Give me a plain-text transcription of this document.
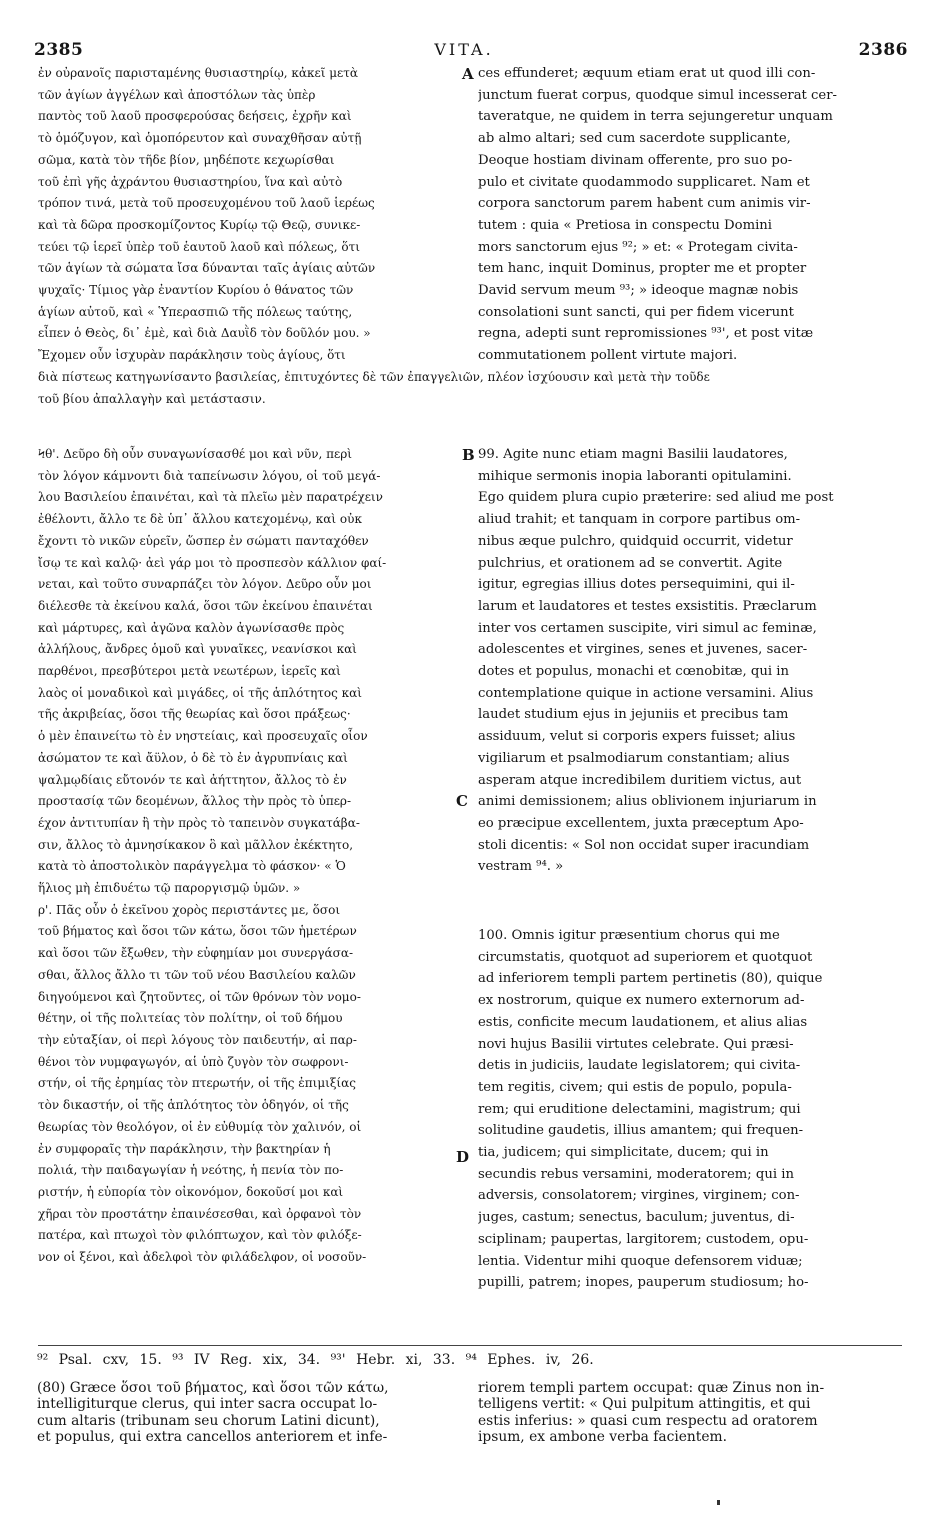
2385	VITA.	2386
ἐν οὐρανοῖς παρισταμένης θυσιαστηρίῳ, κἀκεῖ μετὰ
τῶν ἁγίων ἀγγέλων καὶ ἀποστόλων τὰς ὑπὲρ
παντὸς τοῦ λαοῦ προσφερούσας δεήσεις, ἐχρῆν καὶ
τὸ ὁμόζυγον, καὶ ὁμοπόρευτον καὶ συναχθῆσαν αὐτῇ
σῶμα, κατὰ τὸν τῆδε βίον, μηδέποτε κεχωρίσθαι
τοῦ ἐπὶ γῆς ἀχράντου θυσιαστηρίου, ἵνα καὶ αὐτὸ
τρόπον τινά, μετὰ τοῦ προσευχομένου τοῦ λαοῦ ἱερέως
καὶ τὰ δῶρα προσκομίζοντος Κυρίῳ τῷ Θεῷ, συνικε-
τεύει τῷ ἱερεῖ ὑπὲρ τοῦ ἑαυτοῦ λαοῦ καὶ πόλεως, ὅτι
τῶν ἁγίων τὰ σώματα ἴσα δύνανται ταῖς ἁγίαις αὐτῶν
ψυχαῖς· Τίμιος γὰρ ἐναντίον Κυρίου ὁ θάνατος τῶν
ἁγίων αὐτοῦ, καὶ « Ὑπερασπιῶ τῆς πόλεως ταύτης,
εἶπεν ὁ Θεὸς, δι᾽ ἐμὲ, καὶ διὰ Δαυῒδ τὸν δοῦλόν μου. »
Ἔχομεν οὖν ἰσχυρὰν παράκλησιν τοὺς ἁγίους, ὅτι
διὰ πίστεως κατηγωνίσαντο βασιλείας, ἐπιτυχόντες δὲ τῶν ἐπαγγελιῶν, πλέον ἰσχύουσιν καὶ μετὰ τὴν τοῦδε
τοῦ βίου ἀπαλλαγὴν καὶ μετάστασιν.
Ϟθ'. Δεῦρο δὴ οὖν συναγωνίσασθέ μοι καὶ νῦν, περὶ
τὸν λόγον κάμνοντι διὰ ταπείνωσιν λόγου, οἱ τοῦ μεγά-
λου Βασιλείου ἐπαινέται, καὶ τὰ πλεῖω μὲν παρατρέχειν
ἐθέλοντι, ἄλλο τε δὲ ὑπ᾽ ἄλλου κατεχομένῳ, καὶ οὐκ
ἔχοντι τὸ νικῶν εὑρεῖν, ὥσπερ ἐν σώματι πανταχόθεν
ἴσῳ τε καὶ καλῷ· ἀεὶ γάρ μοι τὸ προσπεσὸν κάλλιον φαί-
νεται, καὶ τοῦτο συναρπάζει τὸν λόγον. Δεῦρο οὖν μοι
διέλεσθε τὰ ἐκείνου καλά, ὅσοι τῶν ἐκείνου ἐπαινέται
καὶ μάρτυρες, καὶ ἀγῶνα καλὸν ἀγωνίσασθε πρὸς
ἀλλήλους, ἄνδρες ὁμοῦ καὶ γυναῖκες, νεανίσκοι καὶ
παρθένοι, πρεσβύτεροι μετὰ νεωτέρων, ἱερεῖς καὶ
λαὸς οἱ μοναδικοὶ καὶ μιγάδες, οἱ τῆς ἁπλότητος καὶ
τῆς ἀκριβείας, ὅσοι τῆς θεωρίας καὶ ὅσοι πράξεως·
ὁ μὲν ἐπαινείτω τὸ ἐν νηστείαις, καὶ προσευχαῖς οἷον
ἀσώματον τε καὶ ἄϋλον, ὁ δὲ τὸ ἐν ἀγρυπνίαις καὶ
ψαλμῳδίαις εὔτονόν τε καὶ ἀήττητον, ἄλλος τὸ ἐν
προστασίᾳ τῶν δεομένων, ἄλλος τὴν πρὸς τὸ ὑπερ-
έχον ἀντιτυπίαν ἢ τὴν πρὸς τὸ ταπεινὸν συγκατάβα-
σιν, ἄλλος τὸ ἀμνησίκακον ὃ καὶ μᾶλλον ἐκέκτητο,
κατὰ τὸ ἀποστολικὸν παράγγελμα τὸ φάσκον· « Ὁ
ἥλιος μὴ ἐπιδυέτω τῷ παροργισμῷ ὑμῶν. »
ρ'. Πᾶς οὖν ὁ ἐκεῖνου χορὸς περιστάντες με, ὅσοι
τοῦ βήματος καὶ ὅσοι τῶν κάτω, ὅσοι τῶν ἡμετέρων
καὶ ὅσοι τῶν ἔξωθεν, τὴν εὐφημίαν μοι συνεργάσα-
σθαι, ἄλλος ἄλλο τι τῶν τοῦ νέου Βασιλείου καλῶν
διηγούμενοι καὶ ζητοῦντες, οἱ τῶν θρόνων τὸν νομο-
θέτην, οἱ τῆς πολιτείας τὸν πολίτην, οἱ τοῦ δήμου
τὴν εὐταξίαν, οἱ περὶ λόγους τὸν παιδευτήν, αἱ παρ-
θένοι τὸν νυμφαγωγόν, αἱ ὑπὸ ζυγὸν τὸν σωφρονι-
στήν, οἱ τῆς ἐρημίας τὸν πτερωτήν, οἱ τῆς ἐπιμιξίας
τὸν δικαστήν, οἱ τῆς ἁπλότητος τὸν ὁδηγόν, οἱ τῆς
θεωρίας τὸν θεολόγον, οἱ ἐν εὐθυμίᾳ τὸν χαλινόν, οἱ
ἐν συμφοραῖς τὴν παράκλησιν, τὴν βακτηρίαν ἡ
πολιά, τὴν παιδαγωγίαν ἡ νεότης, ἡ πενία τὸν πο-
ριστήν, ἡ εὐπορία τὸν οἰκονόμον, δοκοῦσί μοι καὶ
χῆραι τὸν προστάτην ἐπαινέσεσθαι, καὶ ὀρφανοὶ τὸν
πατέρα, καὶ πτωχοὶ τὸν φιλόπτωχον, καὶ τὸν φιλόξε-
νον οἱ ξένοι, καὶ ἀδελφοὶ τὸν φιλάδελφον, οἱ νοσοῦν-
ces effunderet; æquum etiam erat ut quod illi con-
junctum fuerat corpus, quodque simul incesserat cer-
taveratque, ne quidem in terra sejungeretur unquam
ab almo altari; sed cum sacerdote supplicante,
Deoque hostiam divinam offerente, pro suo po-
pulo et civitate quodammodo supplicaret. Nam et
corpora sanctorum parem habent cum animis vir-
tutem : quia « Pretiosa in conspectu Domini
mors sanctorum ejus ⁹²; » et: « Protegam civita-
tem hanc, inquit Dominus, propter me et propter
David servum meum ⁹³; » ideoque magnæ nobis
consolationi sunt sancti, qui per fidem vicerunt
regna, adepti sunt repromissiones ⁹³', et post vitæ
commutationem pollent virtute majori.
99. Agite nunc etiam magni Basilii laudatores,
mihique sermonis inopia laboranti opitulamini.
Ego quidem plura cupio præterire: sed aliud me post
aliud trahit; et tanquam in corpore partibus om-
nibus æque pulchro, quidquid occurrit, videtur
pulchrius, et orationem ad se convertit. Agite
igitur, egregias illius dotes persequimini, qui il-
larum et laudatores et testes exsistitis. Præclarum
inter vos certamen suscipite, viri simul ac feminæ,
adolescentes et virgines, senes et juvenes, sacer-
dotes et populus, monachi et cœnobitæ, qui in
contemplatione quique in actione versamini. Alius
laudet studium ejus in jejuniis et precibus tam
assiduum, velut si corporis expers fuisset; alius
vigiliarum et psalmodiarum constantiam; alius
asperam atque incredibilem duritiem victus, aut
animi demissionem; alius oblivionem injuriarum in
eo præcipue excellentem, juxta præceptum Apo-
stoli dicentis: « Sol non occidat super iracundiam
vestram ⁹⁴. »
100. Omnis igitur præsentium chorus qui me
circumstatis, quotquot ad superiorem et quotquot
ad inferiorem templi partem pertinetis (80), quique
ex nostrorum, quique ex numero externorum ad-
estis, conficite mecum laudationem, et alius alias
novi hujus Basilii virtutes celebrate. Qui præsi-
detis in judiciis, laudate legislatorem; qui civita-
tem regitis, civem; qui estis de populo, popula-
rem; qui eruditione delectamini, magistrum; qui
solitudine gaudetis, illius amantem; qui frequen-
tia, judicem; qui simplicitate, ducem; qui in
secundis rebus versamini, moderatorem; qui in
adversis, consolatorem; virgines, virginem; con-
juges, castum; senectus, baculum; juventus, di-
sciplinam; paupertas, largitorem; custodem, opu-
lentia. Videntur mihi quoque defensorem viduæ;
pupilli, patrem; inopes, pauperum studiosum; ho-
A
B
C
D
⁹² Psal. cxv, 15. ⁹³ IV Reg. xix, 34. ⁹³' Hebr. xi, 33. ⁹⁴ Ephes. iv, 26.
(80) Græce ὅσοι τοῦ βήματος, καὶ ὅσοι τῶν κάτω,
intelligiturque clerus, qui inter sacra occupat lo-
cum altaris (tribunam seu chorum Latini dicunt),
et populus, qui extra cancellos anteriorem et infe-
riorem templi partem occupat: quæ Zinus non in-
telligens vertit: « Qui pulpitum attingitis, et qui
estis inferius: » quasi cum respectu ad oratorem
ipsum, ex ambone verba facientem.
